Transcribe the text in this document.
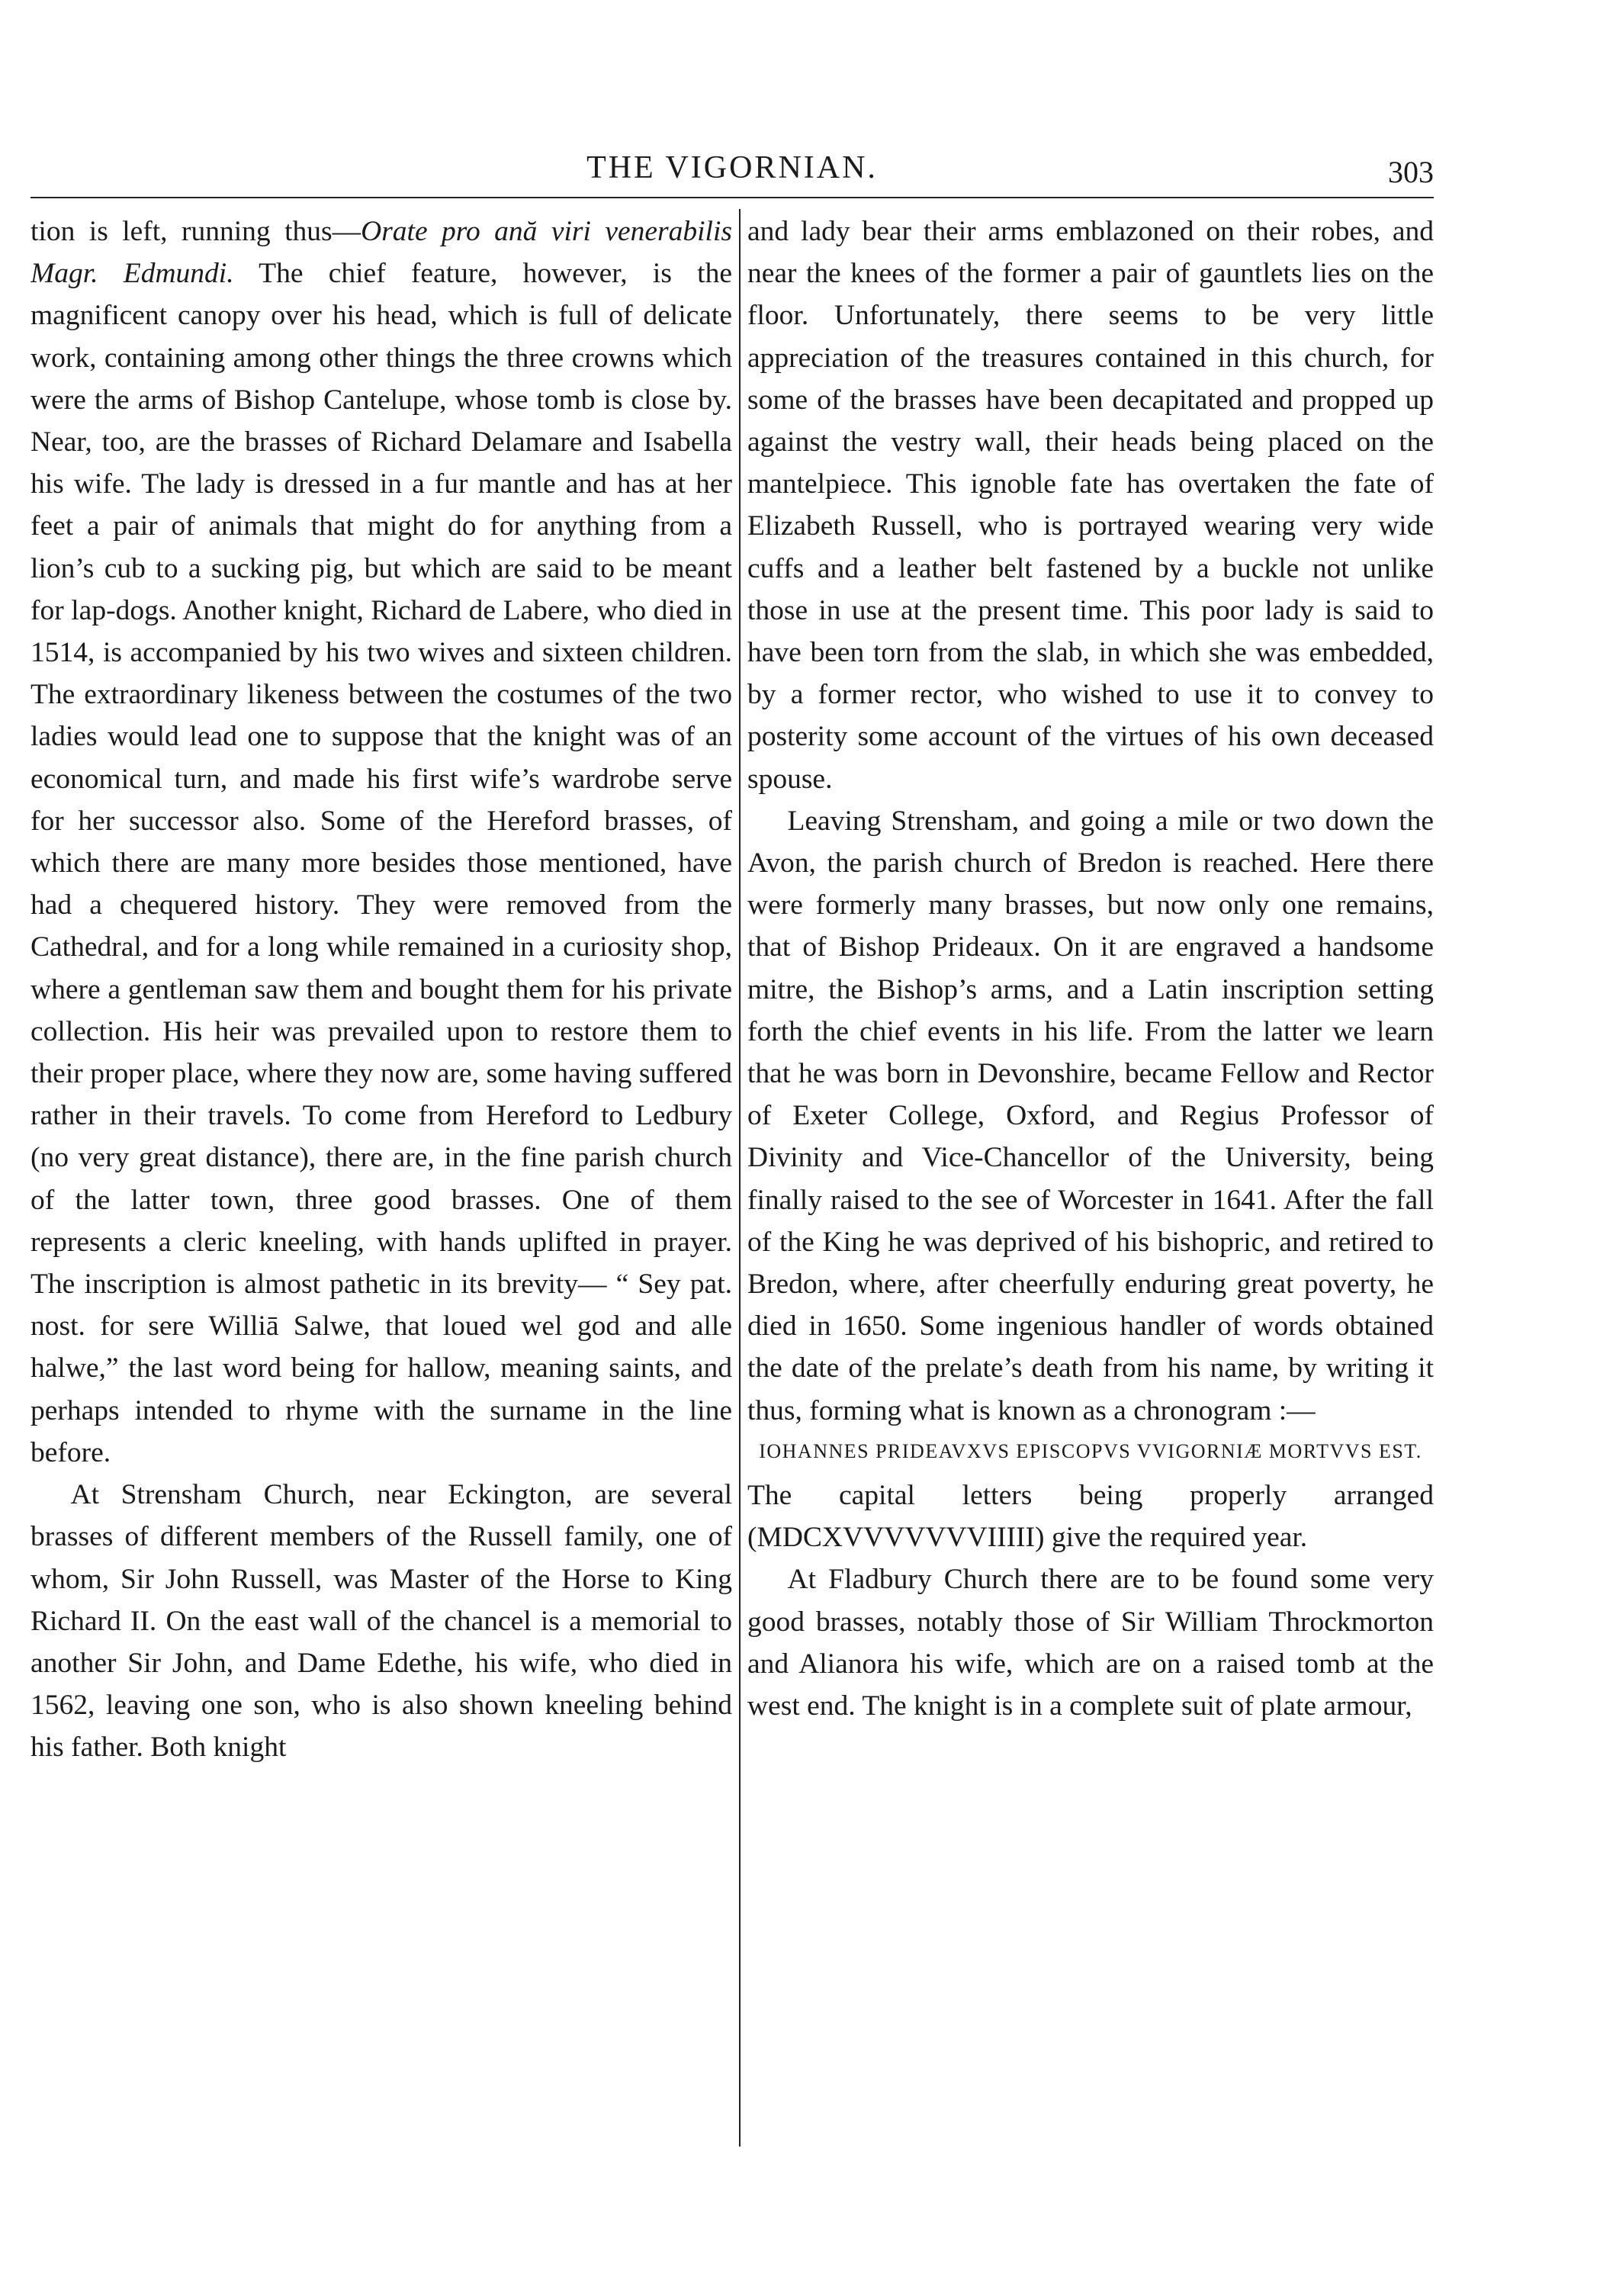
THE VIGORNIAN.	303

tion is left, running thus—Orate pro ană viri venerabilis Magr. Edmundi. The chief feature, however, is the magnificent canopy over his head, which is full of delicate work, containing among other things the three crowns which were the arms of Bishop Cantelupe, whose tomb is close by. Near, too, are the brasses of Richard Delamare and Isabella his wife. The lady is dressed in a fur mantle and has at her feet a pair of animals that might do for anything from a lion’s cub to a sucking pig, but which are said to be meant for lap-dogs. Another knight, Richard de Labere, who died in 1514, is accompanied by his two wives and sixteen children. The extraordinary likeness between the costumes of the two ladies would lead one to suppose that the knight was of an economical turn, and made his first wife’s wardrobe serve for her successor also. Some of the Hereford brasses, of which there are many more besides those mentioned, have had a chequered history. They were removed from the Cathedral, and for a long while remained in a curiosity shop, where a gentleman saw them and bought them for his private collection. His heir was prevailed upon to restore them to their proper place, where they now are, some having suffered rather in their travels. To come from Hereford to Ledbury (no very great distance), there are, in the fine parish church of the latter town, three good brasses. One of them represents a cleric kneeling, with hands uplifted in prayer. The inscription is almost pathetic in its brevity— “ Sey pat. nost. for sere Williā Salwe, that loued wel god and alle halwe,” the last word being for hallow, meaning saints, and perhaps intended to rhyme with the surname in the line before.

At Strensham Church, near Eckington, are several brasses of different members of the Russell family, one of whom, Sir John Russell, was Master of the Horse to King Richard II. On the east wall of the chancel is a memorial to another Sir John, and Dame Edethe, his wife, who died in 1562, leaving one son, who is also shown kneeling behind his father. Both knight

and lady bear their arms emblazoned on their robes, and near the knees of the former a pair of gauntlets lies on the floor. Unfortunately, there seems to be very little appreciation of the treasures contained in this church, for some of the brasses have been decapitated and propped up against the vestry wall, their heads being placed on the mantelpiece. This ignoble fate has overtaken the fate of Elizabeth Russell, who is portrayed wearing very wide cuffs and a leather belt fastened by a buckle not unlike those in use at the present time. This poor lady is said to have been torn from the slab, in which she was embedded, by a former rector, who wished to use it to convey to posterity some account of the virtues of his own deceased spouse.

Leaving Strensham, and going a mile or two down the Avon, the parish church of Bredon is reached. Here there were formerly many brasses, but now only one remains, that of Bishop Prideaux. On it are engraved a handsome mitre, the Bishop’s arms, and a Latin inscription setting forth the chief events in his life. From the latter we learn that he was born in Devonshire, became Fellow and Rector of Exeter College, Oxford, and Regius Professor of Divinity and Vice-Chancellor of the University, being finally raised to the see of Worcester in 1641. After the fall of the King he was deprived of his bishopric, and retired to Bredon, where, after cheerfully enduring great poverty, he died in 1650. Some ingenious handler of words obtained the date of the prelate’s death from his name, by writing it thus, forming what is known as a chronogram :—

IOHANNES PRIDEAVXVS EPISCOPVS VVIGORNIÆ MORTVVS EST.

The capital letters being properly arranged (MDCXVVVVVVVIIIII) give the required year.

At Fladbury Church there are to be found some very good brasses, notably those of Sir William Throckmorton and Alianora his wife, which are on a raised tomb at the west end. The knight is in a complete suit of plate armour,
